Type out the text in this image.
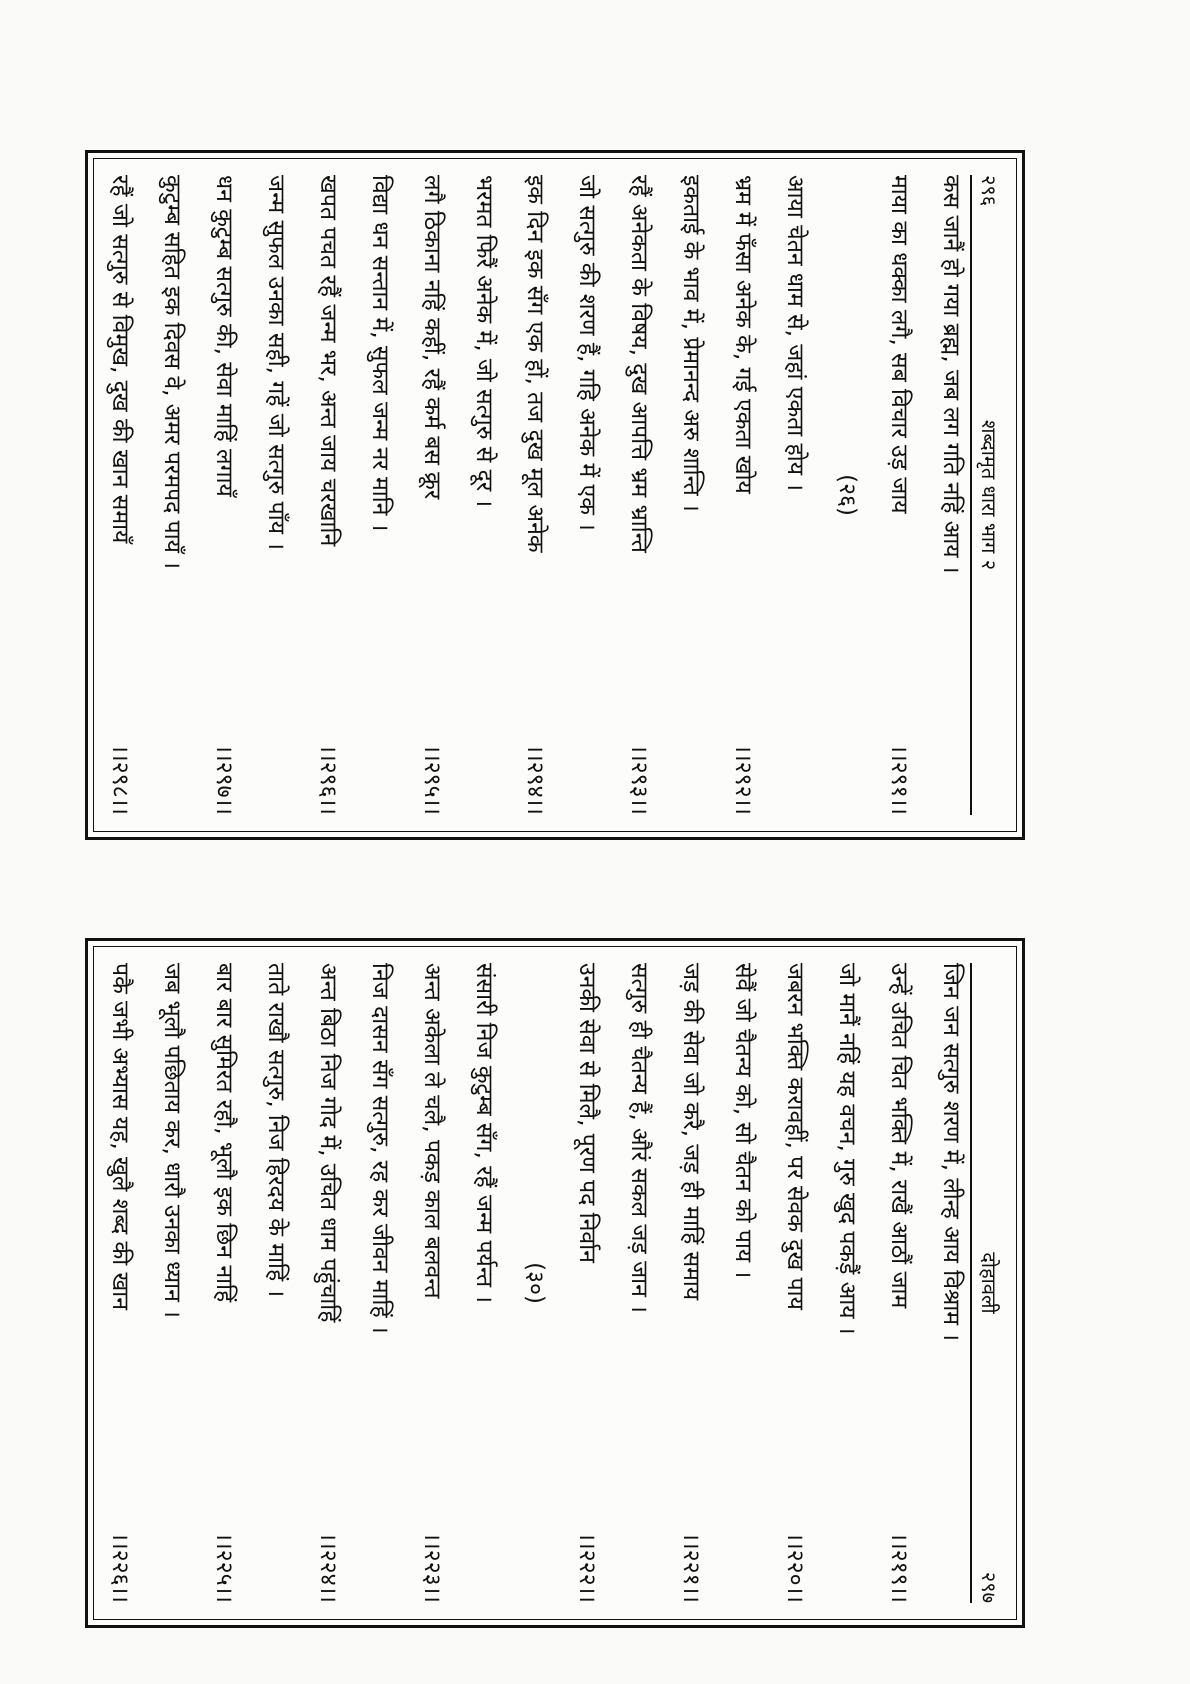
२९६
शब्दामृत धारा भाग २
कस जानैं हो गया ब्रह्म, जब लग गति नहिं आय ।
माया का धक्का लगै, सब विचार उड़ जाय
।।२९१।।
(२६)
आया चेतन धाम से, जहां एकता होय ।
भ्रम में फँसा अनेक के, गई एकता खोय
।।२९२।।
इकताई के भाव में, प्रेमानन्द अरु शान्ति ।
रहैं अनेकता के विषय, दुख आपत्ति भ्रम भ्रान्ति
।।२९३।।
जो सत्गुरु की शरण हैं, गहि अनेक में एक ।
इक दिन इक सँग एक हों, तज दुख मूल अनेक
।।२९४।।
भरमत फिरैं अनेक में, जो सत्गुरु से दूर ।
लगै ठिकाना नहिं कहीं, रहैं कर्म बस क्रूर
।।२९५।।
विद्या धन सन्तान में, सुफल जन्म नर मानि ।
खपत पचत रहैं जन्म भर, अन्त जाय चरखानि
।।२९६।।
जन्म सुफल उनका सही, गहें जो सत्गुरु पाँय ।
धन कुटुम्ब सत्गुरु की, सेवा माहिं लगायँ
।।२९७।।
कुटुम्ब सहित इक दिवस वे, अमर परमपद पायँ ।
रहैं जो सत्गुरु से विमुख, दुख की खान समायँ
।।२९८।।
दोहावली
२९७
जिन जन सत्गुरु शरण में, लीन्ह आय विश्राम ।
उन्हें उचित चित भक्ति में, राखैं आठौं जाम
।।२१९।।
जो मानैं नहिं यह वचन, गुरु खुद पकड़ैं आय ।
जबरन भक्ति करावहीं, पर सेवक दुख पाय
।।२२०।।
सेवैं जो चैतन्य को, सो चैतन को पाय ।
जड़ की सेवा जो करै, जड़ ही माहिं समाय
।।२२१।।
सत्गुरु ही चैतन्य हैं, औरं सकल जड़ जान ।
उनकी सेवा से मिलै, पूरण पद निर्वान
।।२२२।।
(३०)
संसारी निज कुटुम्ब सँग, रहैं जन्म पर्यन्त ।
अन्त अकेला ले चलै, पकड़ काल बलवन्त
।।२२३।।
निज दासन सँग सत्गुरु, रह कर जीवन माहिं ।
अन्त बिठा निज गोद में, उचित धाम पहुंचाहिं
।।२२४।।
ताते राखौ सत्गुरु, निज हिरदय के माहिं ।
बार बार सुमिरत रहौ, भूलौ इक छिन नाहिं
।।२२५।।
जब भूलौ पछिताय कर, धारौ उनका ध्यान ।
पकै जभी अभ्यास यह, खुलै शब्द की खान
।।२२६।।
